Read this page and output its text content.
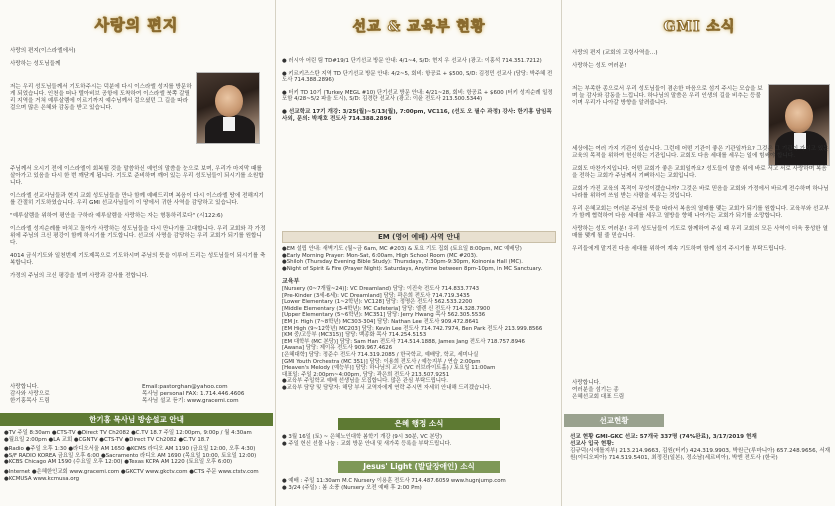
사랑의 편지

사랑의 편지(이스라엘에서)

사랑하는 성도님들께

저는 우리 성도님들께서 기도하주시는 덕분에 다시 이스라엘 성지를 방문하게 되었습니다. 인천을 떠나 텔아비브 공항에 도착하여 이스라엘 북쪽 갈릴리 지역을 거쳐 예루살렘에 이르기까지 예수님께서 걸으셨던 그 길을 따라 걸으며 많은 은혜와 감동을 받고 있습니다.

주님께서 오시기 전에 이스라엘이 회복될 것을 말씀하신 예언의 말씀을 눈으로 보며, 우리가 마지막 때를 살아가고 있음을 다시 한 번 깨닫게 됩니다. 기도로 준비하며 깨어 있는 우리 성도님들이 되시기를 소원합니다.

이스라엘 선교사님들과 현지 교회 성도님들을 만나 함께 예배드리며 복음이 다시 이스라엘 땅에 전해지기를 간절히 기도하였습니다. 우리 GMI 선교사님들이 이 땅에서 귀한 사역을 감당하고 있습니다.

"예루살렘을 위하여 평안을 구하라 예루살렘을 사랑하는 자는 형통하리로다" (시122:6)

이스라엘 성지순례를 마치고 돌아가 사랑하는 성도님들을 다시 만나기를 고대합니다. 우리 교회와 각 가정 위에 주님의 크신 평강이 함께 하시기를 기도합니다. 선교의 사명을 감당하는 우리 교회가 되기를 원합니다.

4014 금식기도와 일천번제 기도제목으로 기도하시며 주님의 뜻을 이루어 드리는 성도님들이 되시기를 축복합니다.

가정의 주님의 크신 평강을 빌며 사랑과 감사를 전합니다.

사랑합니다.

감사와 사랑으로

한기홍목사 드림

Email:pastorghan@yahoo.com

목사님 personal FAX: 1.714.446.4606

목사님 설교 듣기: www.gracemi.com

한기홍 목사님 방송설교 안내

●TV 주일 8:30am ●CTS-TV ●Direct TV Ch2082 ●C.TV 18.7 주일 12:00pm, 9:00p / 월 4:30am

●월요일 2:00pm ●LA 교회 ●CGNTV ●CTS-TV ●Direct TV Ch2082 ●C.TV 18.7

●Radio ●주일 오후 1:30 ●라디오서울 AM 1650 ●KCMS 라디오 AM 1190 (금요일 12:00, 오후 4:30)

●S/F RADIO KOREA 금요일 오후 6:00 ●Sacramento 라디오 AM 1690 (목요일 10:00, 토요일 12:00)

●KCBS Chicago AM 1590 (수요일 오후 12:00) ●Texas KCPA AM 1220 (토요일 오후 6:00)

●Internet ●은혜한인교회 www.gracemi.com ●GKCTV www.gkctv.com ●CTS 주문 www.ctstv.com ●KCMUSA www.kcmusa.org

선교 & 교육부 현황

● 러시아 어린 팀 TD#19/1 단기선교 방문 안내: 4/1~4, S/D: 현지 우 선교사 (광고: 이홍석 714.351.7212)

● 키르키즈스탄 지역 TD 단기선교 방문 안내: 4/2~5, 회비: 항공료 + $500, S/D: 김정민 선교사 (담당: 박주혜 전도사 714.388.2896)

● 터키 TD 10기 (Turkey MEGL #10) 단기선교 방문 안내: 4/21~28, 회비: 항공료 + $600 (터키 성지순례 일정 포함 4/28~5/2 파울 도시), S/D: 김경란 선교사 (광고: 이윤 전도사 213.500.5344)

● 선교학교 17기 개강: 3/25(월)~5/13(월), 7:00pm, VC116, (선도 오 필수 과정) 강사: 한기홍 담임목사외, 문의: 박재호 전도사 714.388.2896

EM (영어 예배) 사역 안내

●EM 설립 안내: 새벽기도 (월~금 6am, MC #203) & 토요 기도 집회 (토요일 8:00pm, MC 예배당)

●Early Morning Prayer: Mon-Sat, 6:00am, High School Room (MC #203).

●Shiloh (Thursday Evening Bible Study): Thursdays, 7:30pm-9:30pm, Koinonia Hall (MC).

●Night of Spirit & Fire (Prayer Night): Saturdays, Anytime between 8pm-10pm, in MC Sanctuary.

교육부

[Nursery (0~7개월~24)]: VC Dreamland) 담당: 이진숙 전도사 714.833.7743

[Pre-Kinder (3세-6세): VC Dreamland] 담당: 곽은희 전도사 714.719.3435

[Lower Elementary (1~2학년): VC128] 담당: 정명은 전도사 562.533.2200

[Middle Elementary (3-4학년): MC Cafeteria] 담당: 엘렌 신 전도사 714.328.7900

[Upper Elementary (5~6학년): MC351] 담당: Jerry Hwang 목사 562.305.5536

[EM Jr. High (7~8학년) MC303-304] 담당: Nathan Lee 전도사 909.472.8641

[EM High (9~12학년) MC203] 담당: Kevin Lee 전도사 714.742.7974, Ben Park 전도사 213.999.8566

[KM 중/고등부 (MC315)] 담당: 백종화 목사 714.254.5153

[EM 대학부 (MC 본당)] 담당: Sam Han 전도사 714.514.1888, James Jang 전도사 718.757.8946

[Awana] 담당: 제이유 전도사 909.967.4626

[은혜대학] 담당: 정준수 전도사 714.319.2085 / 한국학교, 예배당, 학교, 세미나실

[GMI Youth Orchestra (MC 351)] 담당: 이용희 전도사 / 예능지부 / 연습 2:00pm

[Heaven's Melody (예능부)] 담당: 하나님의 교사 (VC 러브라이트홀) / 토요일 11:00am

대표일: 주일 2:00pm~4:00pm, 담당: 곽은희 전도사 213.507.9251

●교육부 주일학교 예배 선생님을 모집합니다. 많은 관심 부탁드립니다.

●교육부 담당 및 담당자: 해당 부서 교역자에게 연락 주시면 자세히 안내해 드리겠습니다.

은혜 행정 소식

● 3월 16일 (토) ~ 은혜노인대학 봄학기 개강 (9시 30분, VC 본당)

● 주일 헌신 선물 나눔 : 교회 방문 안내 및 새가족 등록을 부탁드립니다.

Jesus' Light (발달장애인) 소식

● 예배 : 주일 11:30am M.C Nursery 이용훈 전도사 714.487.6059 www.hugnjump.com

● 3/24 (주일) : 봄 소풍 (Nursery 오전 예배 후 2:00 Pm)

GMI 소식

사랑의 편지 (교회의 고령사역을…)

사랑하는 성도 여러분!

저는 부족한 종으로서 우리 성도님들이 겸손한 마음으로 섬겨 주시는 모습을 보며 늘 감사와 감동을 느낍니다. 하나님의 말씀은 우리 인생의 길을 비추는 등불이며 우리가 나아갈 방향을 알려줍니다.

세상에는 여러 가지 기관이 있습니다. 그런데 어떤 기관이 좋은 기관일까요? 그것은 그 기관이 가지고 있는 교육의 목적을 위하여 헌신하는 기관입니다. 교회도 다음 세대를 세우는 일에 힘써야 합니다.

교회도 마찬가지입니다. 어떤 교회가 좋은 교회일까요? 성도들이 말씀 위에 바로 서고 서로 사랑하며 복음을 전하는 교회가 주님께서 기뻐하시는 교회입니다.

교회가 가진 교육의 목적이 무엇이겠습니까? 그것은 바로 믿음을 교회와 가정에서 바르게 전수하며 하나님 나라를 위하여 쓰임 받는 사람을 세우는 것입니다.

우리 은혜교회는 여러분 주님의 뜻을 따라서 복음의 열매를 맺는 교회가 되기를 원합니다. 교육부와 선교부가 함께 협력하여 다음 세대를 세우고 열방을 향해 나아가는 교회가 되기를 소망합니다.

사랑하는 성도 여러분! 우리 성도님들이 기도로 함께하여 주실 때 우리 교회의 모든 사역이 더욱 풍성한 열매를 맺게 될 줄 믿습니다.

우리들에게 맡겨진 다음 세대를 위하여 계속 기도하며 함께 섬겨 주시기를 부탁드립니다.

사랑합니다.

여러분을 섬기는 종

은혜선교회 대표 드림

선교현황

선교 현황 GMI-GKC 선교: 57개국 337명 (74%완료), 3/17/2019 현재

선교사 입국 현황:

김규덕(시애틀지부) 213.214.9663, 김원(터키) 424.319.9903, 박원근(루마니아) 657.248.9656, 서재원(이디오피아) 714.519.5401, 최정진(일본), 정소남(세르비아), 박엔 전도사 (한국)
